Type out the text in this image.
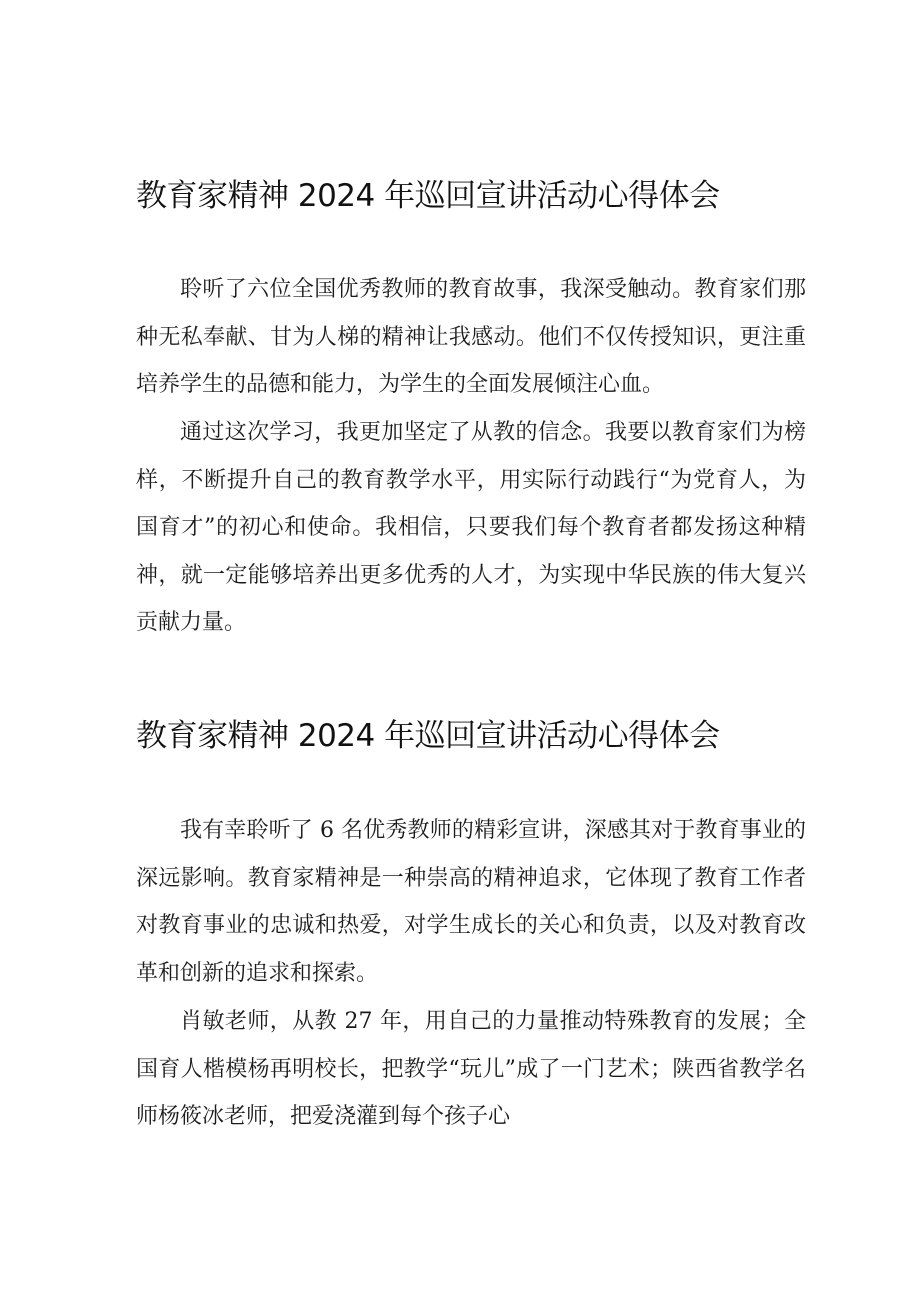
教育家精神 2024 年巡回宣讲活动心得体会

聆听了六位全国优秀教师的教育故事，我深受触动。教育家们那种无私奉献、甘为人梯的精神让我感动。他们不仅传授知识，更注重培养学生的品德和能力，为学生的全面发展倾注心血。

通过这次学习，我更加坚定了从教的信念。我要以教育家们为榜样，不断提升自己的教育教学水平，用实际行动践行“为党育人，为国育才”的初心和使命。我相信，只要我们每个教育者都发扬这种精神，就一定能够培养出更多优秀的人才，为实现中华民族的伟大复兴贡献力量。

教育家精神 2024 年巡回宣讲活动心得体会

我有幸聆听了 6 名优秀教师的精彩宣讲，深感其对于教育事业的深远影响。教育家精神是一种崇高的精神追求，它体现了教育工作者对教育事业的忠诚和热爱，对学生成长的关心和负责，以及对教育改革和创新的追求和探索。

肖敏老师，从教 27 年，用自己的力量推动特殊教育的发展；全国育人楷模杨再明校长，把教学“玩儿”成了一门艺术；陕西省教学名师杨筱冰老师，把爱浇灌到每个孩子心
